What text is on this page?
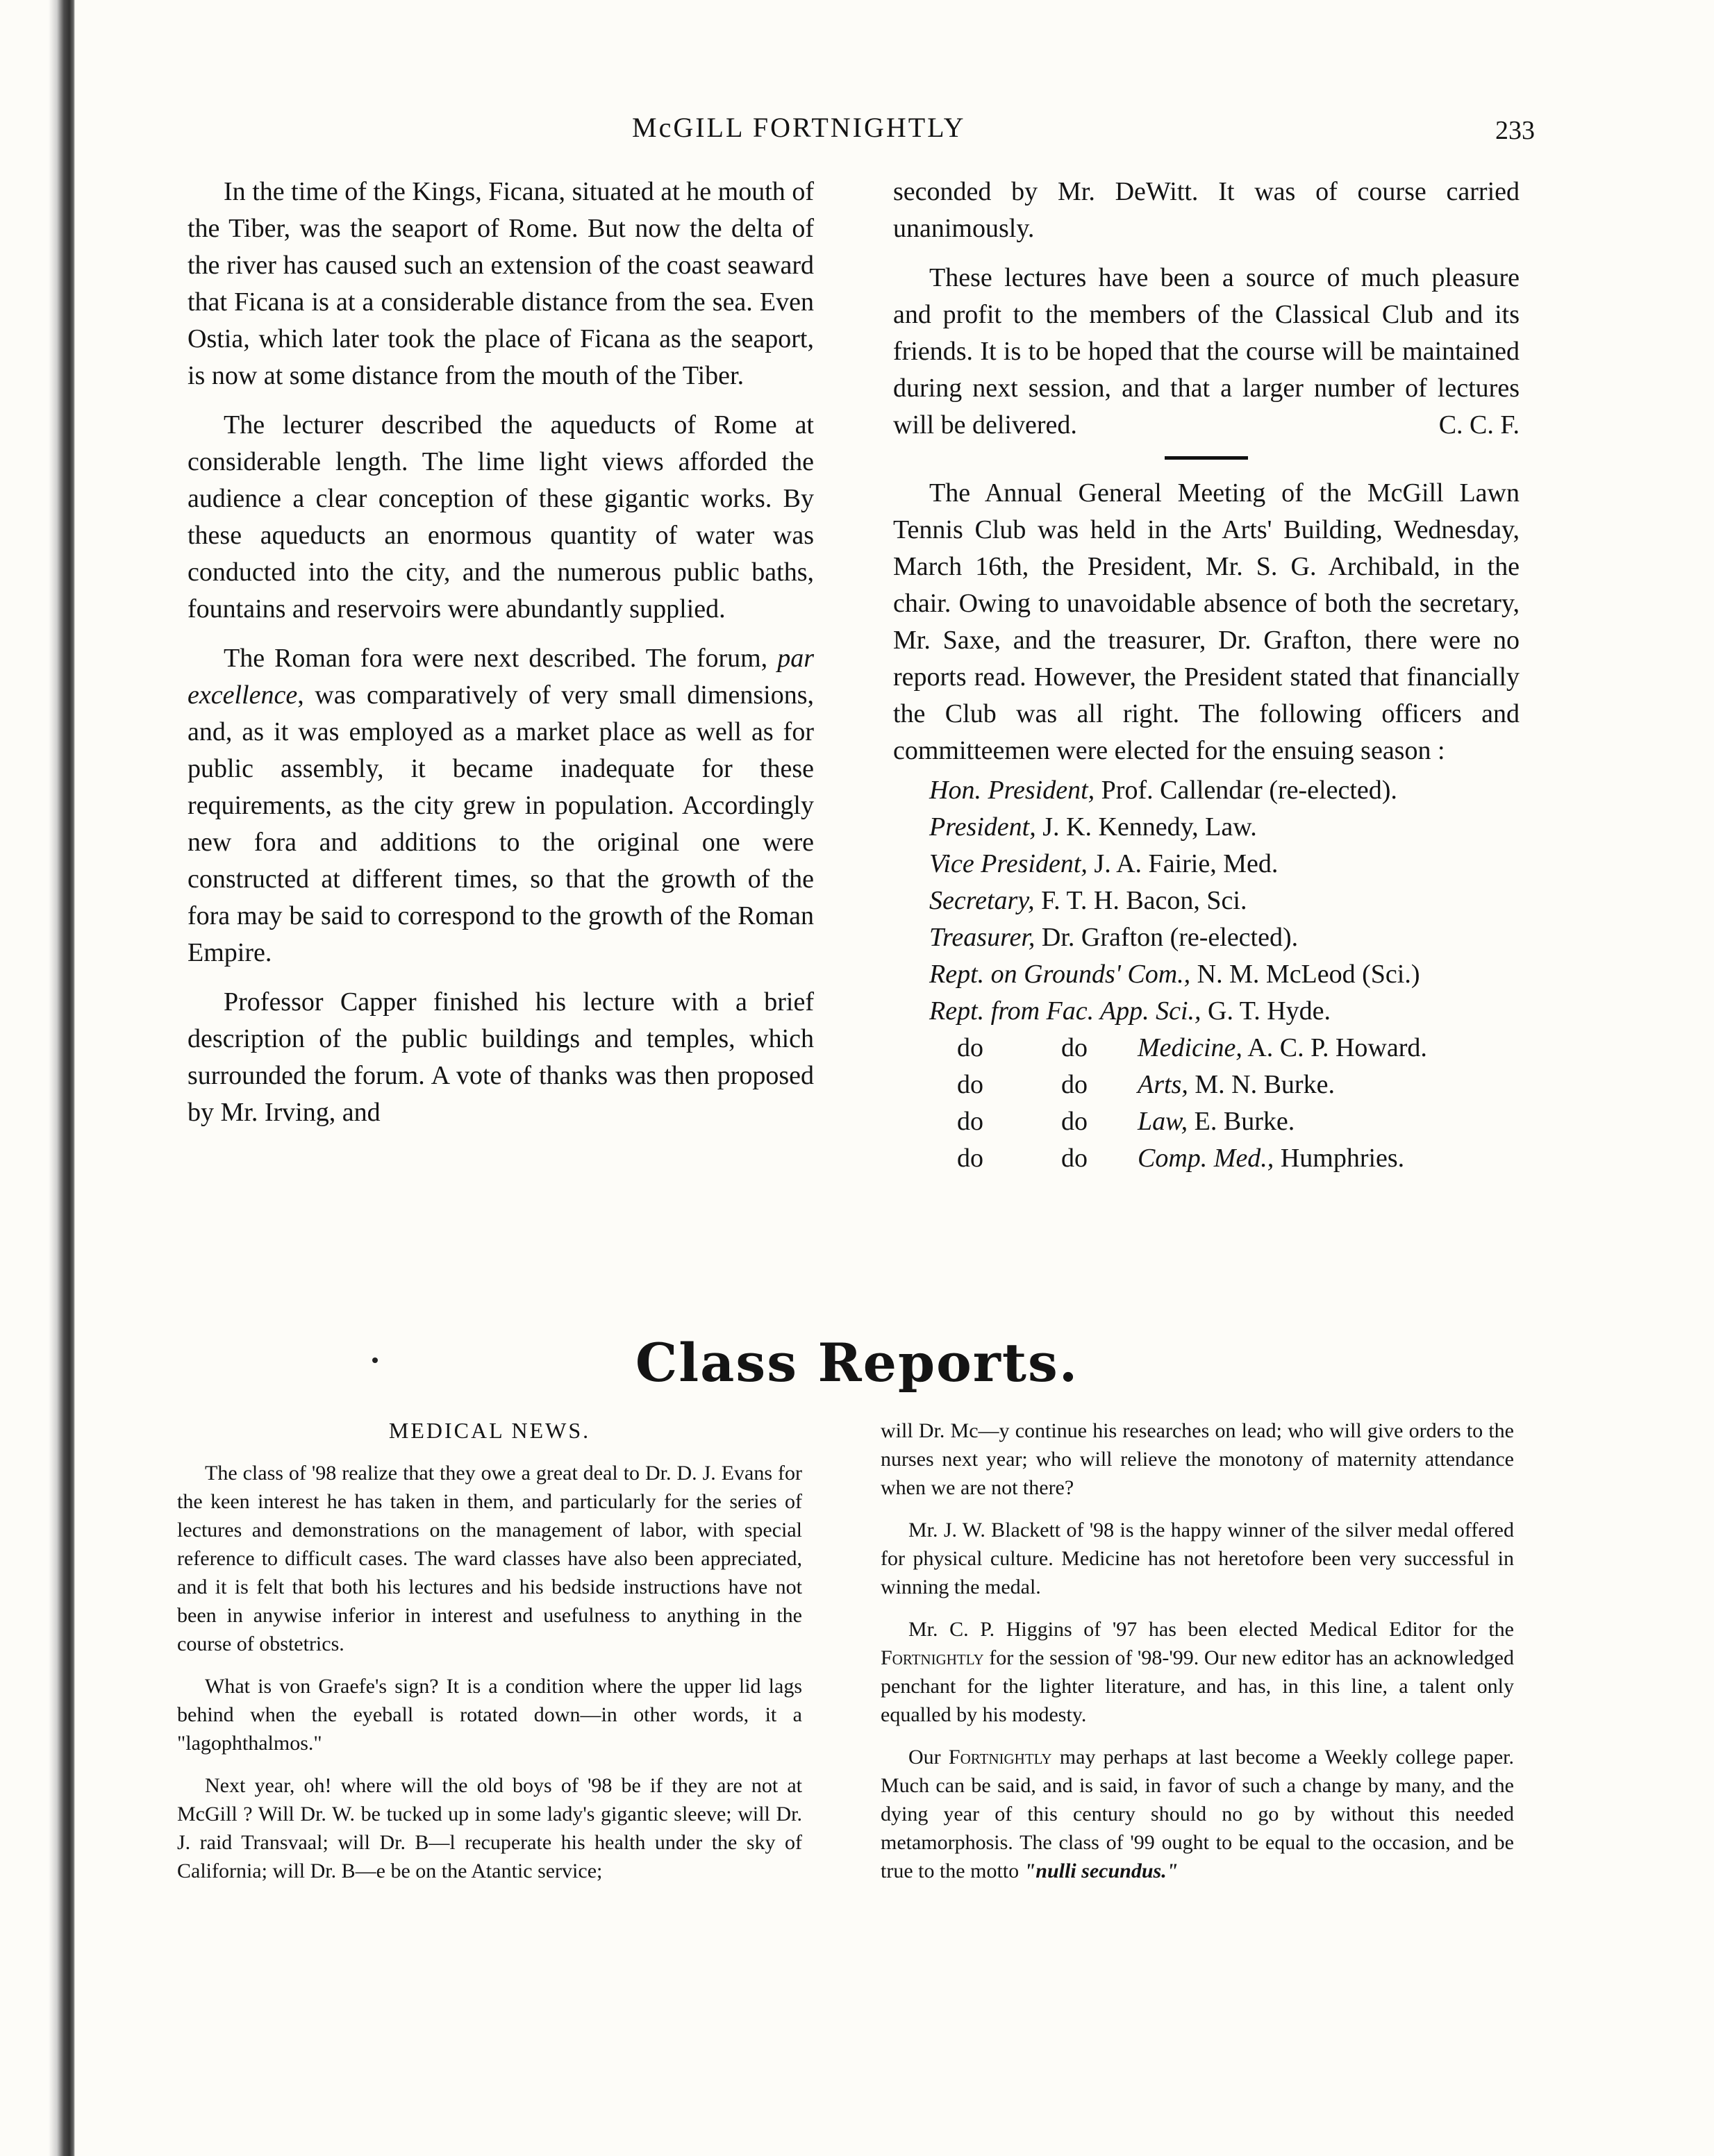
McGILL FORTNIGHTLY	233

In the time of the Kings, Ficana, situated at he mouth of the Tiber, was the seaport of Rome. But now the delta of the river has caused such an extension of the coast seaward that Ficana is at a considerable distance from the sea. Even Ostia, which later took the place of Ficana as the seaport, is now at some distance from the mouth of the Tiber.

The lecturer described the aqueducts of Rome at considerable length. The lime light views afforded the audience a clear conception of these gigantic works. By these aqueducts an enormous quantity of water was conducted into the city, and the numerous public baths, fountains and reservoirs were abundantly supplied.

The Roman fora were next described. The forum, par excellence, was comparatively of very small dimensions, and, as it was employed as a market place as well as for public assembly, it became inadequate for these requirements, as the city grew in population. Accordingly new fora and additions to the original one were constructed at different times, so that the growth of the fora may be said to correspond to the growth of the Roman Empire.

Professor Capper finished his lecture with a brief description of the public buildings and temples, which surrounded the forum. A vote of thanks was then proposed by Mr. Irving, and

seconded by Mr. DeWitt. It was of course carried unanimously.

These lectures have been a source of much pleasure and profit to the members of the Classical Club and its friends. It is to be hoped that the course will be maintained during next session, and that a larger number of lectures will be delivered.	C. C. F.

The Annual General Meeting of the McGill Lawn Tennis Club was held in the Arts' Building, Wednesday, March 16th, the President, Mr. S. G. Archibald, in the chair. Owing to unavoidable absence of both the secretary, Mr. Saxe, and the treasurer, Dr. Grafton, there were no reports read. However, the President stated that financially the Club was all right. The following officers and committeemen were elected for the ensuing season :

Hon. President, Prof. Callendar (re-elected).
President, J. K. Kennedy, Law.
Vice President, J. A. Fairie, Med.
Secretary, F. T. H. Bacon, Sci.
Treasurer, Dr. Grafton (re-elected).
Rept. on Grounds' Com., N. M. McLeod (Sci.)
Rept. from Fac. App. Sci., G. T. Hyde.
do	do	Medicine, A. C. P. Howard.
do	do	Arts, M. N. Burke.
do	do	Law, E. Burke.
do	do	Comp. Med., Humphries.
Class Reports.

MEDICAL NEWS.

The class of '98 realize that they owe a great deal to Dr. D. J. Evans for the keen interest he has taken in them, and particularly for the series of lectures and demonstrations on the management of labor, with special reference to difficult cases. The ward classes have also been appreciated, and it is felt that both his lectures and his bedside instructions have not been in anywise inferior in interest and usefulness to anything in the course of obstetrics.

What is von Graefe's sign? It is a condition where the upper lid lags behind when the eyeball is rotated down—in other words, it a "lagophthalmos."

Next year, oh! where will the old boys of '98 be if they are not at McGill ? Will Dr. W. be tucked up in some lady's gigantic sleeve; will Dr. J. raid Transvaal; will Dr. B—l recuperate his health under the sky of California; will Dr. B—e be on the Atantic service;

will Dr. Mc—y continue his researches on lead; who will give orders to the nurses next year; who will relieve the monotony of maternity attendance when we are not there?

Mr. J. W. Blackett of '98 is the happy winner of the silver medal offered for physical culture. Medicine has not heretofore been very successful in winning the medal.

Mr. C. P. Higgins of '97 has been elected Medical Editor for the Fortnightly for the session of '98-'99. Our new editor has an acknowledged penchant for the lighter literature, and has, in this line, a talent only equalled by his modesty.

Our Fortnightly may perhaps at last become a Weekly college paper. Much can be said, and is said, in favor of such a change by many, and the dying year of this century should no go by without this needed metamorphosis. The class of '99 ought to be equal to the occasion, and be true to the motto "nulli secundus."
